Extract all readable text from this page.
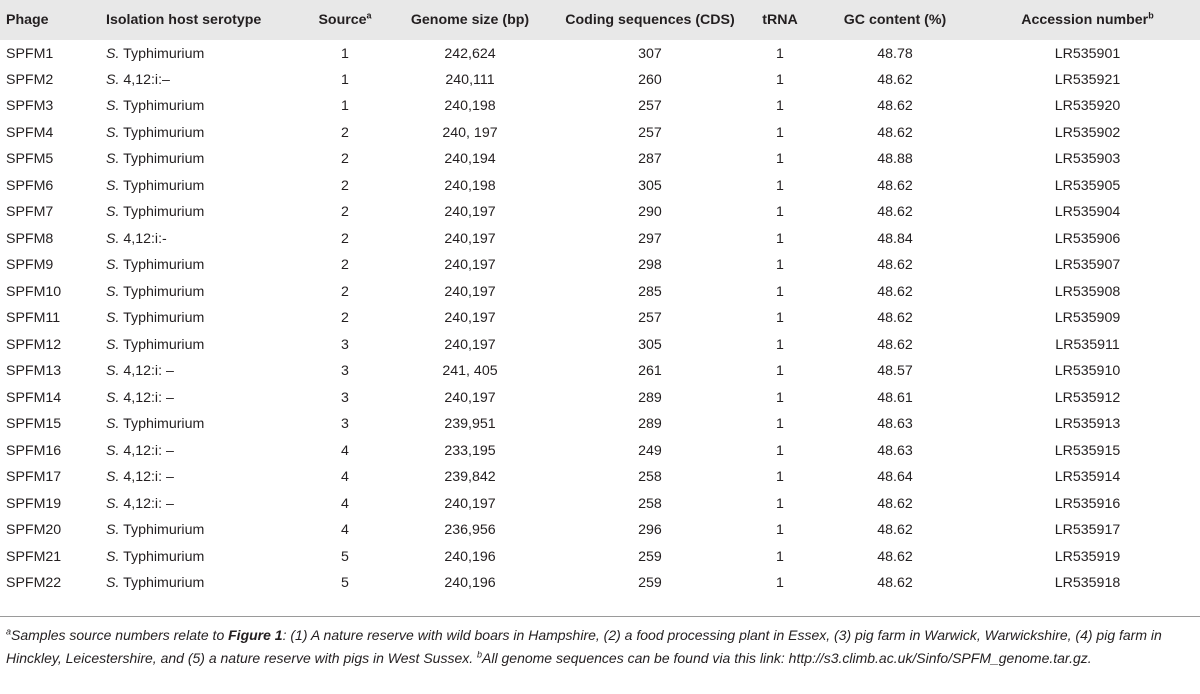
Phage	Isolation host serotype	Source$^a$	Genome size (bp)	Coding sequences (CDS)	tRNA	GC content (%)	Accession number$^b$
SPFM1	S. Typhimurium	1	242,624	307	1	48.78	LR535901
SPFM2	S. 4,12:i:–	1	240,111	260	1	48.62	LR535921
SPFM3	S. Typhimurium	1	240,198	257	1	48.62	LR535920
SPFM4	S. Typhimurium	2	240, 197	257	1	48.62	LR535902
SPFM5	S. Typhimurium	2	240,194	287	1	48.88	LR535903
SPFM6	S. Typhimurium	2	240,198	305	1	48.62	LR535905
SPFM7	S. Typhimurium	2	240,197	290	1	48.62	LR535904
SPFM8	S. 4,12:i:-	2	240,197	297	1	48.84	LR535906
SPFM9	S. Typhimurium	2	240,197	298	1	48.62	LR535907
SPFM10	S. Typhimurium	2	240,197	285	1	48.62	LR535908
SPFM11	S. Typhimurium	2	240,197	257	1	48.62	LR535909
SPFM12	S. Typhimurium	3	240,197	305	1	48.62	LR535911
SPFM13	S. 4,12:i: –	3	241, 405	261	1	48.57	LR535910
SPFM14	S. 4,12:i: –	3	240,197	289	1	48.61	LR535912
SPFM15	S. Typhimurium	3	239,951	289	1	48.63	LR535913
SPFM16	S. 4,12:i: –	4	233,195	249	1	48.63	LR535915
SPFM17	S. 4,12:i: –	4	239,842	258	1	48.64	LR535914
SPFM19	S. 4,12:i: –	4	240,197	258	1	48.62	LR535916
SPFM20	S. Typhimurium	4	236,956	296	1	48.62	LR535917
SPFM21	S. Typhimurium	5	240,196	259	1	48.62	LR535919
SPFM22	S. Typhimurium	5	240,196	259	1	48.62	LR535918
$^a$Samples source numbers relate to Figure 1: (1) A nature reserve with wild boars in Hampshire, (2) a food processing plant in Essex, (3) pig farm in Warwick, Warwickshire, (4) pig farm in Hinckley, Leicestershire, and (5) a nature reserve with pigs in West Sussex. $^b$All genome sequences can be found via this link: http://s3.climb.ac.uk/Sinfo/SPFM_genome.tar.gz.
